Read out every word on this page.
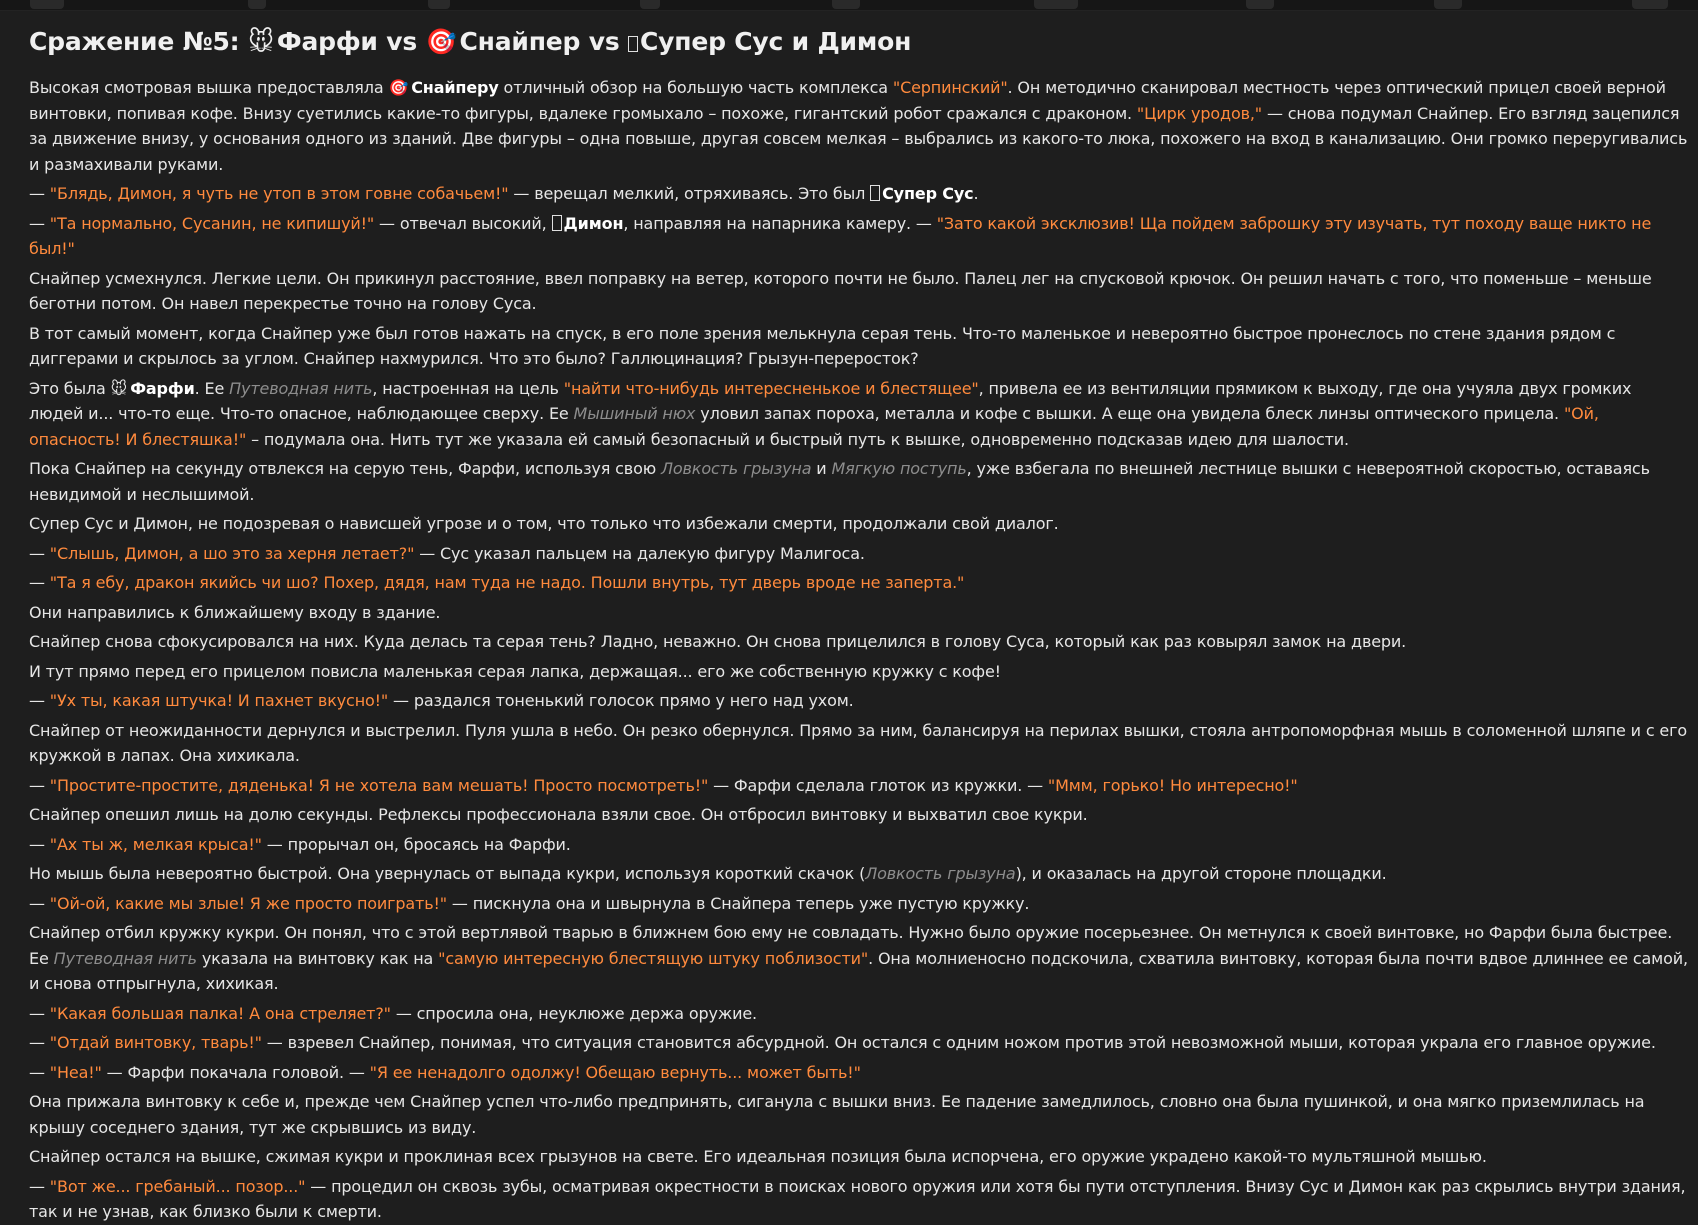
Сражение №5: 🐭 Фарфи vs 🎯 Снайпер vs Супер Сус и Димон

Высокая смотровая вышка предоставляла 🎯 Снайперу отличный обзор на большую часть комплекса "Серпинский". Он методично сканировал местность через оптический прицел своей верной винтовки, попивая кофе. Внизу суетились какие-то фигуры, вдалеке громыхало – похоже, гигантский робот сражался с драконом. "Цирк уродов," — снова подумал Снайпер. Его взгляд зацепился за движение внизу, у основания одного из зданий. Две фигуры – одна повыше, другая совсем мелкая – выбрались из какого-то люка, похожего на вход в канализацию. Они громко переругивались и размахивали руками.

— "Блядь, Димон, я чуть не утоп в этом говне собачьем!" — верещал мелкий, отряхиваясь. Это был Супер Сус.

— "Та нормально, Сусанин, не кипишуй!" — отвечал высокий, Димон, направляя на напарника камеру. — "Зато какой эксклюзив! Ща пойдем заброшку эту изучать, тут походу ваще никто не был!"

Снайпер усмехнулся. Легкие цели. Он прикинул расстояние, ввел поправку на ветер, которого почти не было. Палец лег на спусковой крючок. Он решил начать с того, что поменьше – меньше беготни потом. Он навел перекрестье точно на голову Суса.

В тот самый момент, когда Снайпер уже был готов нажать на спуск, в его поле зрения мелькнула серая тень. Что-то маленькое и невероятно быстрое пронеслось по стене здания рядом с диггерами и скрылось за углом. Снайпер нахмурился. Что это было? Галлюцинация? Грызун-переросток?

Это была 🐭 Фарфи. Ее Путеводная нить, настроенная на цель "найти что-нибудь интересненькое и блестящее", привела ее из вентиляции прямиком к выходу, где она учуяла двух громких людей и... что-то еще. Что-то опасное, наблюдающее сверху. Ее Мышиный нюх уловил запах пороха, металла и кофе с вышки. А еще она увидела блеск линзы оптического прицела. "Ой, опасность! И блестяшка!" – подумала она. Нить тут же указала ей самый безопасный и быстрый путь к вышке, одновременно подсказав идею для шалости.

Пока Снайпер на секунду отвлекся на серую тень, Фарфи, используя свою Ловкость грызуна и Мягкую поступь, уже взбегала по внешней лестнице вышки с невероятной скоростью, оставаясь невидимой и неслышимой.

Супер Сус и Димон, не подозревая о нависшей угрозе и о том, что только что избежали смерти, продолжали свой диалог.

— "Слышь, Димон, а шо это за херня летает?" — Сус указал пальцем на далекую фигуру Малигоса.

— "Та я ебу, дракон якийсь чи шо? Похер, дядя, нам туда не надо. Пошли внутрь, тут дверь вроде не заперта."

Они направились к ближайшему входу в здание.

Снайпер снова сфокусировался на них. Куда делась та серая тень? Ладно, неважно. Он снова прицелился в голову Суса, который как раз ковырял замок на двери.

И тут прямо перед его прицелом повисла маленькая серая лапка, держащая... его же собственную кружку с кофе!

— "Ух ты, какая штучка! И пахнет вкусно!" — раздался тоненький голосок прямо у него над ухом.

Снайпер от неожиданности дернулся и выстрелил. Пуля ушла в небо. Он резко обернулся. Прямо за ним, балансируя на перилах вышки, стояла антропоморфная мышь в соломенной шляпе и с его кружкой в лапах. Она хихикала.

— "Простите-простите, дяденька! Я не хотела вам мешать! Просто посмотреть!" — Фарфи сделала глоток из кружки. — "Ммм, горько! Но интересно!"

Снайпер опешил лишь на долю секунды. Рефлексы профессионала взяли свое. Он отбросил винтовку и выхватил свое кукри.

— "Ах ты ж, мелкая крыса!" — прорычал он, бросаясь на Фарфи.

Но мышь была невероятно быстрой. Она увернулась от выпада кукри, используя короткий скачок (Ловкость грызуна), и оказалась на другой стороне площадки.

— "Ой-ой, какие мы злые! Я же просто поиграть!" — пискнула она и швырнула в Снайпера теперь уже пустую кружку.

Снайпер отбил кружку кукри. Он понял, что с этой вертлявой тварью в ближнем бою ему не совладать. Нужно было оружие посерьезнее. Он метнулся к своей винтовке, но Фарфи была быстрее. Ее Путеводная нить указала на винтовку как на "самую интересную блестящую штуку поблизости". Она молниеносно подскочила, схватила винтовку, которая была почти вдвое длиннее ее самой, и снова отпрыгнула, хихикая.

— "Какая большая палка! А она стреляет?" — спросила она, неуклюже держа оружие.

— "Отдай винтовку, тварь!" — взревел Снайпер, понимая, что ситуация становится абсурдной. Он остался с одним ножом против этой невозможной мыши, которая украла его главное оружие.

— "Неа!" — Фарфи покачала головой. — "Я ее ненадолго одолжу! Обещаю вернуть... может быть!"

Она прижала винтовку к себе и, прежде чем Снайпер успел что-либо предпринять, сиганула с вышки вниз. Ее падение замедлилось, словно она была пушинкой, и она мягко приземлилась на крышу соседнего здания, тут же скрывшись из виду.

Снайпер остался на вышке, сжимая кукри и проклиная всех грызунов на свете. Его идеальная позиция была испорчена, его оружие украдено какой-то мультяшной мышью.

— "Вот же... гребаный... позор..." — процедил он сквозь зубы, осматривая окрестности в поисках нового оружия или хотя бы пути отступления. Внизу Сус и Димон как раз скрылись внутри здания, так и не узнав, как близко были к смерти.
